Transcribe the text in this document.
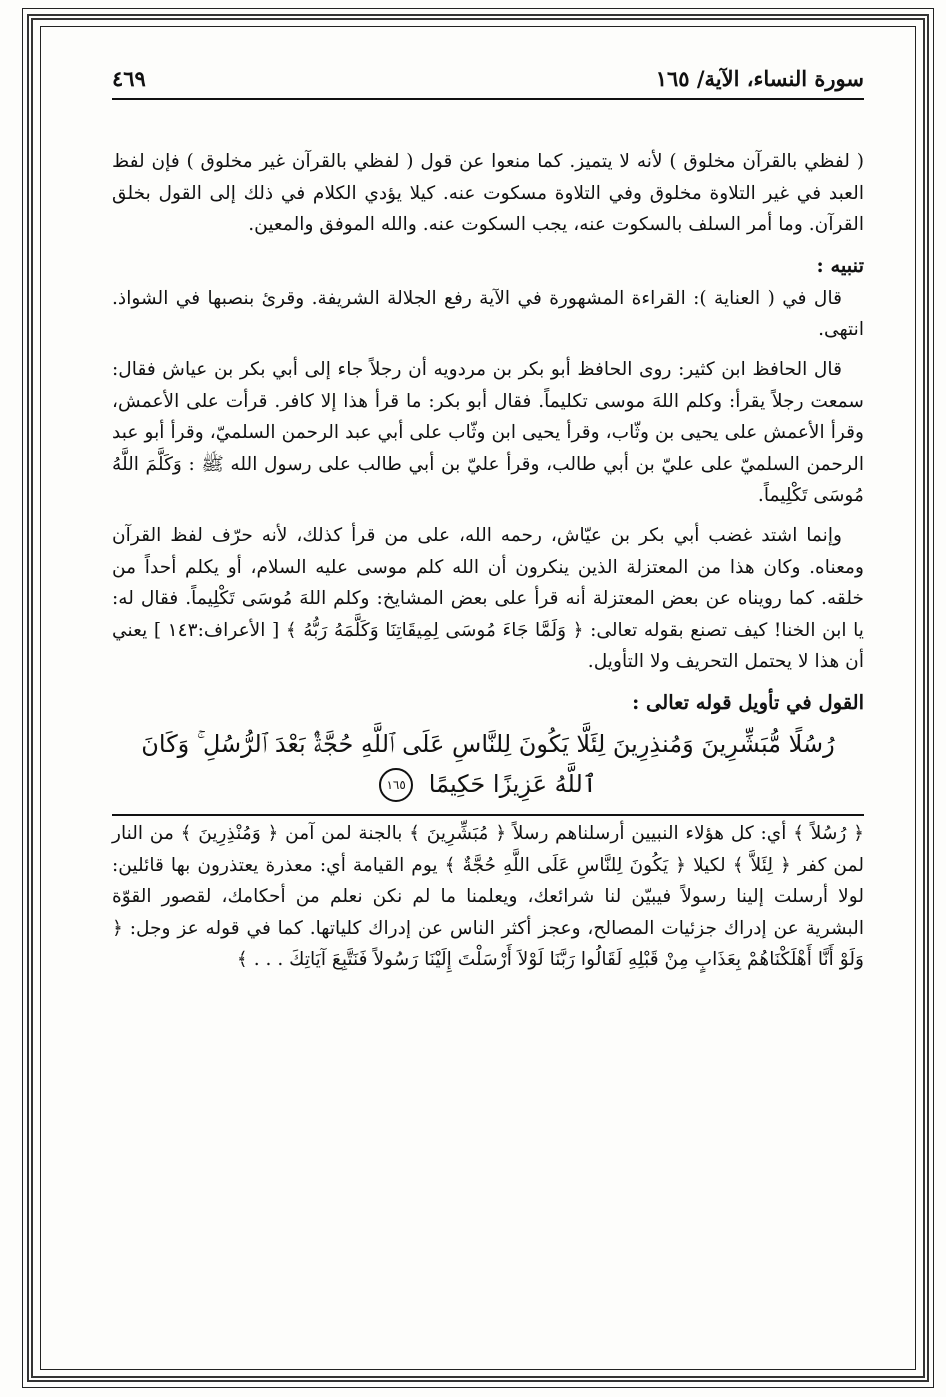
سورة النساء، الآية/ ١٦٥
٤٦٩

( لفظي بالقرآن مخلوق ) لأنه لا يتميز. كما منعوا عن قول ( لفظي بالقرآن غير مخلوق ) فإن لفظ العبد في غير التلاوة مخلوق وفي التلاوة مسكوت عنه. كيلا يؤدي الكلام في ذلك إلى القول بخلق القرآن. وما أمر السلف بالسكوت عنه، يجب السكوت عنه. والله الموفق والمعين.

تنبيه :

قال في ( العناية ): القراءة المشهورة في الآية رفع الجلالة الشريفة. وقرئ بنصبها في الشواذ. انتهى.

قال الحافظ ابن كثير: روى الحافظ أبو بكر بن مردويه أن رجلاً جاء إلى أبي بكر بن عياش فقال: سمعت رجلاً يقرأ: وكلم اللهَ موسى تكليماً. فقال أبو بكر: ما قرأ هذا إلا كافر. قرأت على الأعمش، وقرأ الأعمش على يحيى بن وثّاب، وقرأ يحيى ابن وثّاب على أبي عبد الرحمن السلميّ، وقرأ أبو عبد الرحمن السلميّ على عليّ بن أبي طالب، وقرأ عليّ بن أبي طالب على رسول الله ﷺ : وَكَلَّمَ اللَّهُ مُوسَى تَكْلِيماً.

وإنما اشتد غضب أبي بكر بن عيّاش، رحمه الله، على من قرأ كذلك، لأنه حرّف لفظ القرآن ومعناه. وكان هذا من المعتزلة الذين ينكرون أن الله كلم موسى عليه السلام، أو يكلم أحداً من خلقه. كما رويناه عن بعض المعتزلة أنه قرأ على بعض المشايخ: وكلم اللهَ مُوسَى تَكْلِيماً. فقال له: يا ابن الخنا! كيف تصنع بقوله تعالى: ﴿ وَلَمَّا جَاءَ مُوسَى لِمِيقَاتِنَا وَكَلَّمَهُ رَبُّهُ ﴾ [ الأعراف:١٤٣ ] يعني أن هذا لا يحتمل التحريف ولا التأويل.

القول في تأويل قوله تعالى :

رُسُلًا مُّبَشِّرِينَ وَمُنذِرِينَ لِئَلَّا يَكُونَ لِلنَّاسِ عَلَى ٱللَّهِ حُجَّةٌۢ بَعْدَ ٱلرُّسُلِ ۚ وَكَانَ
ٱللَّهُ عَزِيزًا حَكِيمًا ١٦٥

﴿ رُسُلاً ﴾ أي: كل هؤلاء النبيين أرسلناهم رسلاً ﴿ مُبَشِّرِينَ ﴾ بالجنة لمن آمن ﴿ وَمُنْذِرِينَ ﴾ من النار لمن كفر ﴿ لِئَلاَّ ﴾ لكيلا ﴿ يَكُونَ لِلنَّاسِ عَلَى اللَّهِ حُجَّةٌ ﴾ يوم القيامة أي: معذرة يعتذرون بها قائلين: لولا أرسلت إلينا رسولاً فيبيّن لنا شرائعك، ويعلمنا ما لم نكن نعلم من أحكامك، لقصور القوّة البشرية عن إدراك جزئيات المصالح، وعجز أكثر الناس عن إدراك كلياتها. كما في قوله عز وجل: ﴿ وَلَوْ أَنَّا أَهْلَكْنَاهُمْ بِعَذَابٍ مِنْ قَبْلِهِ لَقَالُوا رَبَّنَا لَوْلاَ أَرْسَلْتَ إِلَيْنَا رَسُولاً فَنَتَّبِعَ آيَاتِكَ . . . ﴾
